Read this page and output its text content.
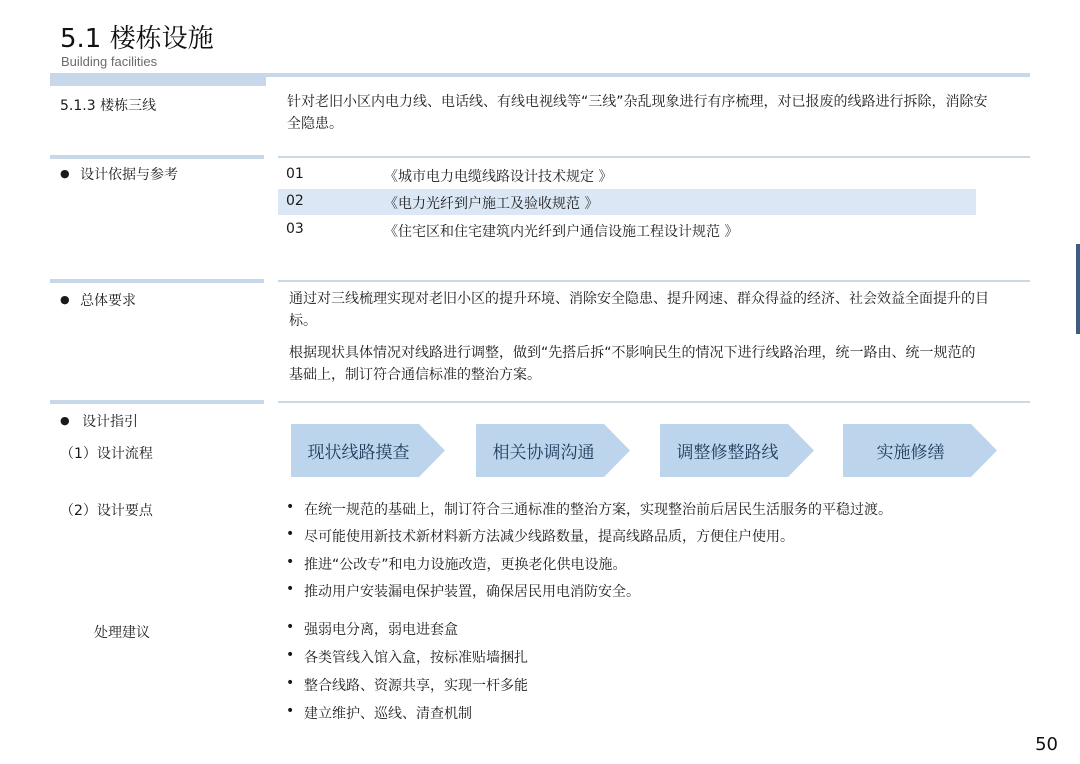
5.1 楼栋设施
Building facilities
5.1.3 楼栋三线	针对老旧小区内电力线、电话线、有线电视线等“三线”杂乱现象进行有序梳理，对已报废的线路进行拆除，消除安全隐患。
● 设计依据与参考	01	《城市电力电缆线路设计技术规定 》
02	《电力光纤到户施工及验收规范 》
03	《住宅区和住宅建筑内光纤到户通信设施工程设计规范 》
● 总体要求	通过对三线梳理实现对老旧小区的提升环境、消除安全隐患、提升网速、群众得益的经济、社会效益全面提升的目标。
根据现状具体情况对线路进行调整，做到“先搭后拆“不影响民生的情况下进行线路治理，统一路由、统一规范的基础上，制订符合通信标准的整治方案。
● 设计指引
（1）设计流程	现状线路摸查	相关协调沟通	调整修整路线	实施修缮
（2）设计要点	• 在统一规范的基础上，制订符合三通标准的整治方案，实现整治前后居民生活服务的平稳过渡。
• 尽可能使用新技术新材料新方法减少线路数量，提高线路品质，方便住户使用。
• 推进“公改专”和电力设施改造，更换老化供电设施。
• 推动用户安装漏电保护装置，确保居民用电消防安全。
处理建议	• 强弱电分离，弱电进套盒
• 各类管线入馆入盒，按标准贴墙捆扎
• 整合线路、资源共享，实现一杆多能
• 建立维护、巡线、清查机制
50
